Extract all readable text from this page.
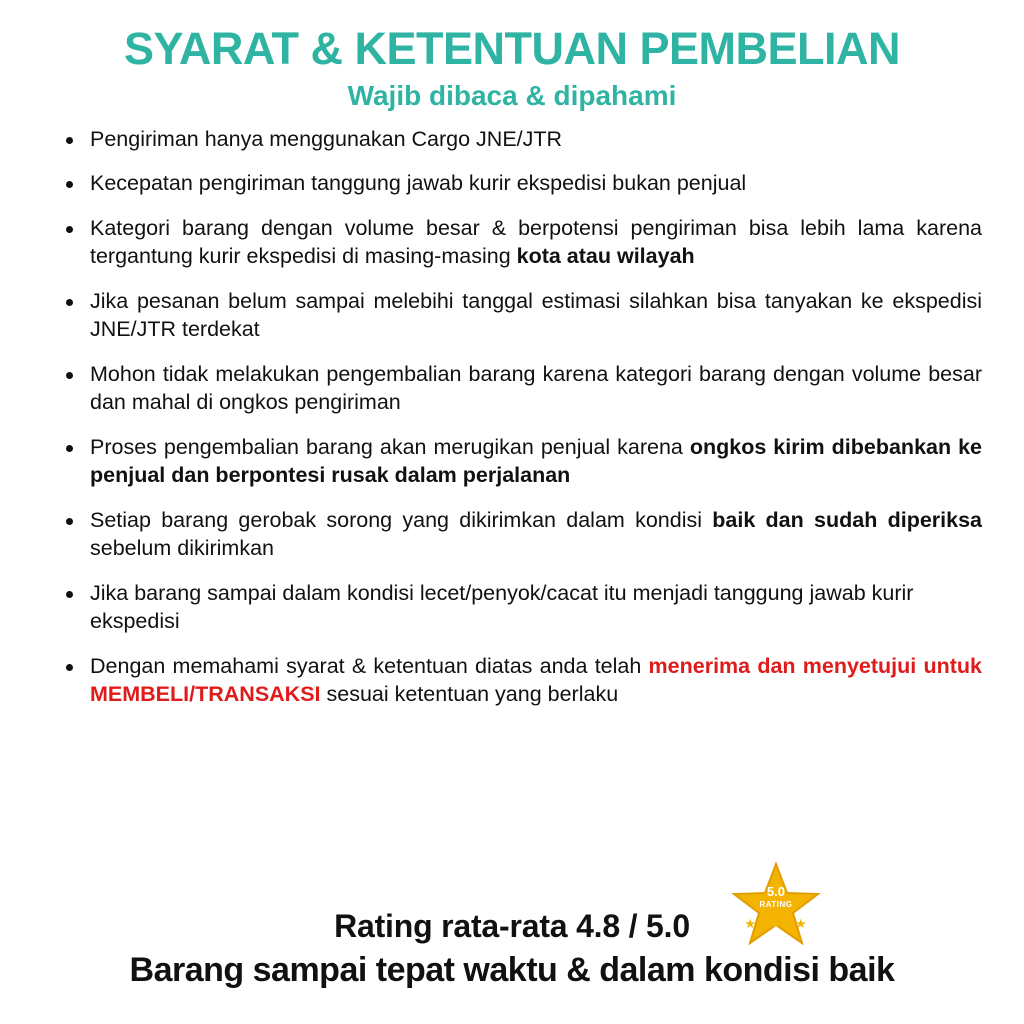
SYARAT & KETENTUAN PEMBELIAN
Wajib dibaca & dipahami
Pengiriman hanya menggunakan Cargo JNE/JTR
Kecepatan pengiriman tanggung jawab kurir ekspedisi bukan penjual
Kategori barang dengan volume besar & berpotensi pengiriman bisa lebih lama karena tergantung kurir ekspedisi di masing-masing kota atau wilayah
Jika pesanan belum sampai melebihi tanggal estimasi silahkan bisa tanyakan ke ekspedisi JNE/JTR terdekat
Mohon tidak melakukan pengembalian barang karena kategori barang dengan volume besar dan mahal di ongkos pengiriman
Proses pengembalian barang akan merugikan penjual karena ongkos kirim dibebankan ke penjual dan berpontesi rusak dalam perjalanan
Setiap barang gerobak sorong yang dikirimkan dalam kondisi baik dan sudah diperiksa sebelum dikirimkan
Jika barang sampai dalam kondisi lecet/penyok/cacat itu menjadi tanggung jawab kurir ekspedisi
Dengan memahami syarat & ketentuan diatas anda telah menerima dan menyetujui untuk MEMBELI/TRANSAKSI sesuai ketentuan yang berlaku
5.0
RATING
★★★★★
Rating rata-rata 4.8 / 5.0
Barang sampai tepat waktu & dalam kondisi baik
